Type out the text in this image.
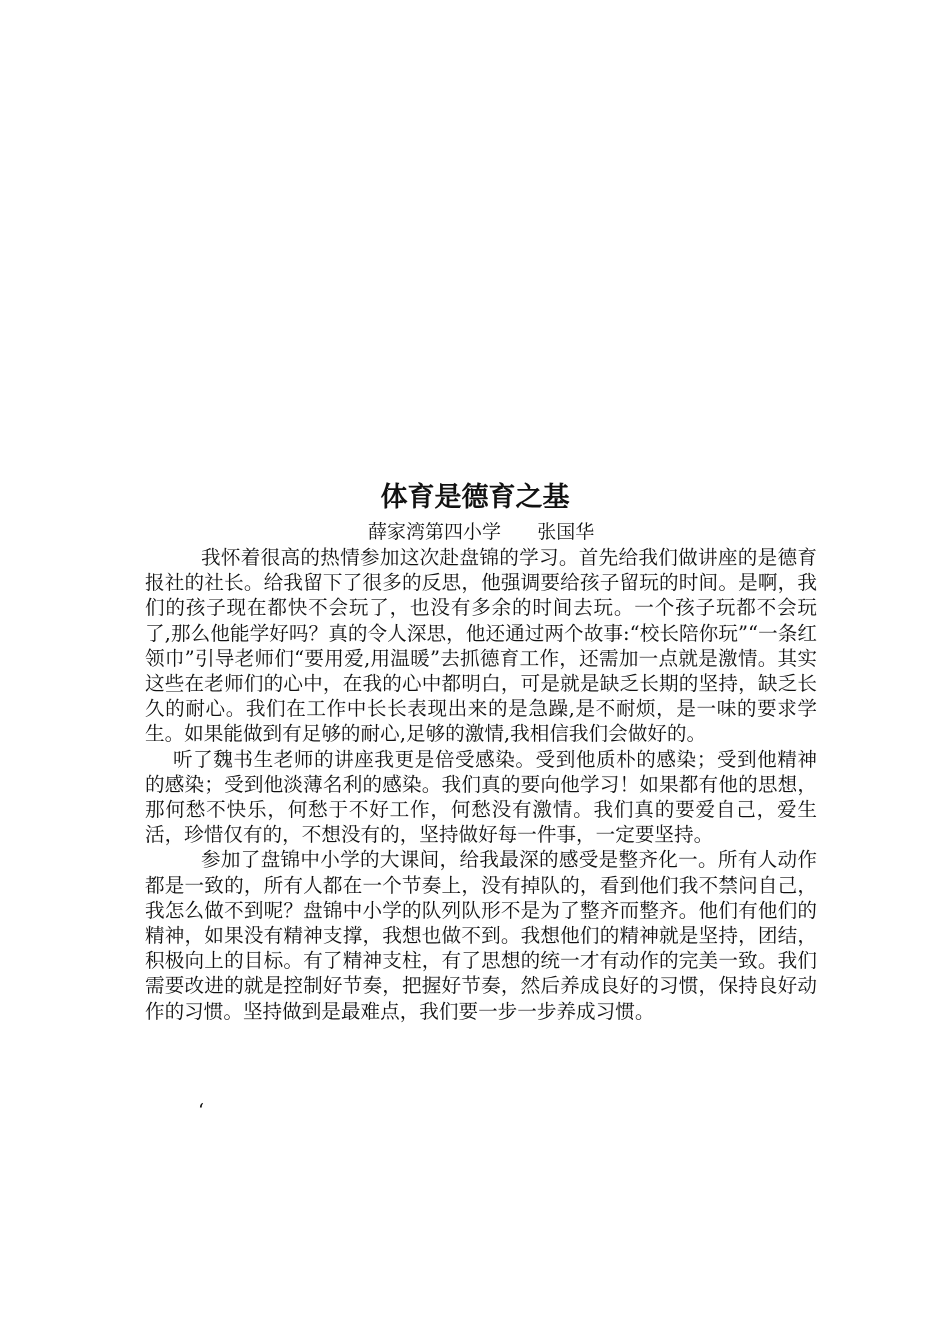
体育是德育之基
薛家湾第四小学      张国华

我怀着很高的热情参加这次赴盘锦的学习。首先给我们做讲座的是德育报社的社长。给我留下了很多的反思，他强调要给孩子留玩的时间。是啊，我们的孩子现在都快不会玩了，也没有多余的时间去玩。一个孩子玩都不会玩了,那么他能学好吗？真的令人深思，他还通过两个故事:“校长陪你玩”“一条红领巾”引导老师们“要用爱,用温暖”去抓德育工作，还需加一点就是激情。其实这些在老师们的心中，在我的心中都明白，可是就是缺乏长期的坚持，缺乏长久的耐心。我们在工作中长长表现出来的是急躁,是不耐烦，是一味的要求学生。如果能做到有足够的耐心,足够的激情,我相信我们会做好的。

听了魏书生老师的讲座我更是倍受感染。受到他质朴的感染；受到他精神的感染；受到他淡薄名利的感染。我们真的要向他学习！如果都有他的思想，那何愁不快乐，何愁于不好工作，何愁没有激情。我们真的要爱自己，爱生活，珍惜仅有的，不想没有的，坚持做好每一件事，一定要坚持。

参加了盘锦中小学的大课间，给我最深的感受是整齐化一。所有人动作都是一致的，所有人都在一个节奏上，没有掉队的，看到他们我不禁问自己，我怎么做不到呢？盘锦中小学的队列队形不是为了整齐而整齐。他们有他们的精神，如果没有精神支撑，我想也做不到。我想他们的精神就是坚持，团结，积极向上的目标。有了精神支柱，有了思想的统一才有动作的完美一致。我们需要改进的就是控制好节奏，把握好节奏，然后养成良好的习惯，保持良好动作的习惯。坚持做到是最难点，我们要一步一步养成习惯。

‘
